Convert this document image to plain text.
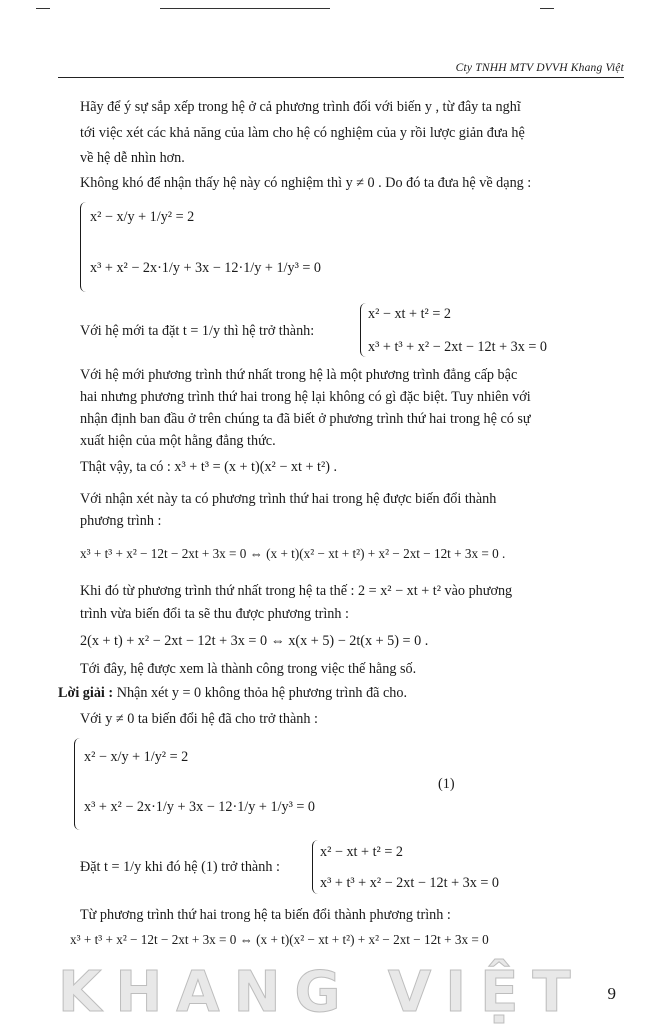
Cty TNHH MTV DVVH Khang Việt
Hãy để ý sự sắp xếp trong hệ ở cả phương trình đối với biến y , từ đây ta nghĩ
tới việc xét các khả năng của làm cho hệ có nghiệm của y rồi lược giản đưa hệ
về hệ dễ nhìn hơn.
Không khó để nhận thấy hệ này có nghiệm thì y ≠ 0 . Do đó ta đưa hệ về dạng :
x² − x/y + 1/y² = 2
x³ + x² − 2x·1/y + 3x − 12·1/y + 1/y³ = 0
Với hệ mới ta đặt t = 1/y thì hệ trở thành:
x² − xt + t² = 2
x³ + t³ + x² − 2xt − 12t + 3x = 0
Với hệ mới phương trình thứ nhất trong hệ là một phương trình đẳng cấp bậc
hai nhưng phương trình thứ hai trong hệ lại không có gì đặc biệt. Tuy nhiên với
nhận định ban đầu ở trên chúng ta đã biết ở phương trình thứ hai trong hệ có sự
xuất hiện của một hằng đẳng thức.
Thật vậy, ta có : x³ + t³ = (x + t)(x² − xt + t²) .
Với nhận xét này ta có phương trình thứ hai trong hệ được biến đổi thành
phương trình :
x³ + t³ + x² − 12t − 2xt + 3x = 0 ⇔ (x + t)(x² − xt + t²) + x² − 2xt − 12t + 3x = 0 .
Khi đó từ phương trình thứ nhất trong hệ ta thế : 2 = x² − xt + t² vào phương
trình vừa biến đổi ta sẽ thu được phương trình :
2(x + t) + x² − 2xt − 12t + 3x = 0 ⇔ x(x + 5) − 2t(x + 5) = 0 .
Tới đây, hệ được xem là thành công trong việc thế hằng số.
Lời giải : Nhận xét y = 0 không thỏa hệ phương trình đã cho.
Với y ≠ 0 ta biến đổi hệ đã cho trở thành :
x² − x/y + 1/y² = 2
x³ + x² − 2x·1/y + 3x − 12·1/y + 1/y³ = 0
(1)
Đặt t = 1/y khi đó hệ (1) trở thành :
x² − xt + t² = 2
x³ + t³ + x² − 2xt − 12t + 3x = 0
Từ phương trình thứ hai trong hệ ta biến đổi thành phương trình :
x³ + t³ + x² − 12t − 2xt + 3x = 0 ⇔ (x + t)(x² − xt + t²) + x² − 2xt − 12t + 3x = 0
KHANG VIỆT 9
